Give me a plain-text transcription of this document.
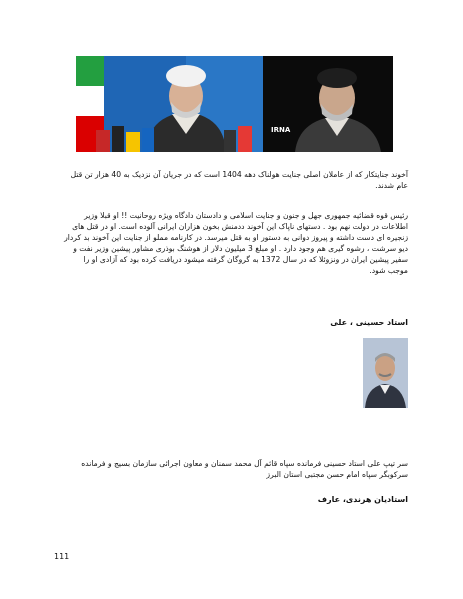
IRNA

آخوند جنایتکار که از عاملان اصلی جنایت هولناک دهه 1404 است که در جریان آن نزدیک به 40 هزار تن قتل عام شدند.

رئیس قوه قضائیه جمهوری جهل و جنون و جنایت اسلامی و دادستان دادگاه ویژه روحانیت !! او قبلا وزیر اطلاعات در دولت نهم بود . دستهای ناپاک این آخوند ددمنش بخون هزاران ایرانی آلوده است. او در قتل های زنجیره ای دست داشته و پیروز دوانی به دستور او به قتل میرسد. در کارنامه مملو از جنایت این آخوند بد کردار دیو سرشت ، رشوه گیری هم وجود دارد . او مبلغ 3 میلیون دلار از هوشنگ بوذری مشاور پیشین وزیر نفت و سفیر پیشین ایران در ونزوئلا که در سال 1372 به گروگان گرفته میشود دریافت کرده بود که آزادی او را موجب شود.

استاد حسینی ، علی

سر تیپ علی استاد حسینی فرمانده سپاه قائم آل محمد سمنان و معاون اجرائی سازمان بسیج و فرمانده سرکوبگر سپاه امام حسن مجتبی استان البرز

استادیان هرندی، عارف

111
